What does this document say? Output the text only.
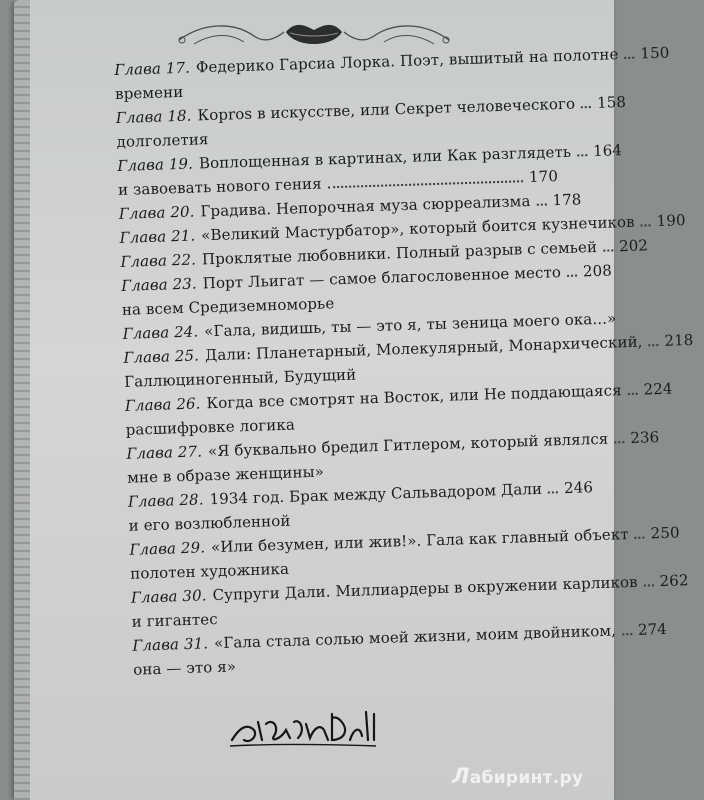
Глава 17. Федерико Гарсиа Лорка. Поэт, вышитый на полотне 150
времени
Глава 18. Корros в искусстве, или Секрет человеческого 158
долголетия
Глава 19. Воплощенная в картинах, или Как разглядеть 164
и завоевать нового гения	170
Глава 20. Градива. Непорочная муза сюрреализма 178
Глава 21. «Великий Мастурбатор», который боится кузнечиков 190
Глава 22. Проклятые любовники. Полный разрыв с семьей 202
Глава 23. Порт Льигат — самое благословенное место 208
на всем Средиземноморье
Глава 24. «Гала, видишь, ты — это я, ты зеница моего ока...»
Глава 25. Дали: Планетарный, Молекулярный, Монархический, 218
Галлюциногенный, Будущий
Глава 26. Когда все смотрят на Восток, или Не поддающаяся 224
расшифровке логика
Глава 27. «Я буквально бредил Гитлером, который являлся 236
мне в образе женщины»
Глава 28. 1934 год. Брак между Сальвадором Дали 246
и его возлюбленной
Глава 29. «Или безумен, или жив!». Гала как главный объект 250
полотен художника
Глава 30. Супруги Дали. Миллиардеры в окружении карликов 262
и гигантес
Глава 31. «Гала стала солью моей жизни, моим двойником, 274
она — это я»
Лабиринт.ру
